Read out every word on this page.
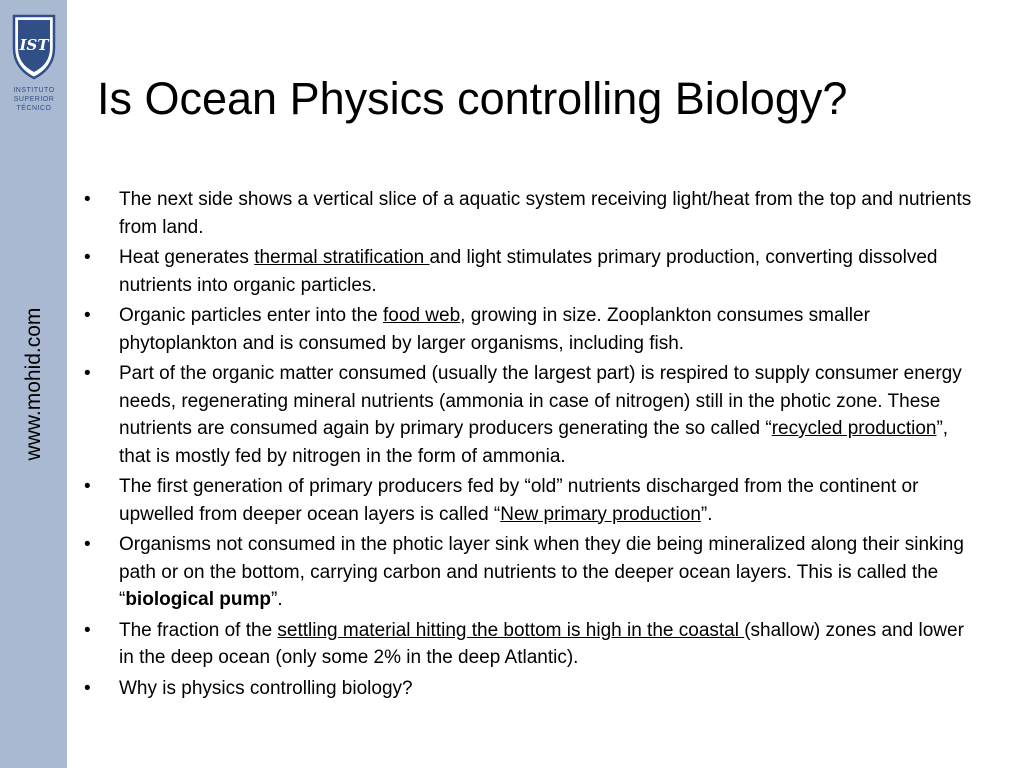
IST
INSTITUTO
SUPERIOR
TÉCNICO
www.mohid.com
Is Ocean Physics controlling Biology?
• The next side shows a vertical slice of a aquatic system receiving light/heat from the top and nutrients from land.
• Heat generates thermal stratification and light stimulates primary production, converting dissolved nutrients into organic particles.
• Organic particles enter into the food web, growing in size. Zooplankton consumes smaller phytoplankton and is consumed by larger organisms, including fish.
• Part of the organic matter consumed (usually the largest part) is respired to supply consumer energy needs, regenerating mineral nutrients (ammonia in case of nitrogen) still in the photic zone. These nutrients are consumed again by primary producers generating the so called “recycled production”, that is mostly fed by nitrogen in the form of ammonia.
• The first generation of primary producers fed by “old” nutrients discharged from the continent or upwelled from deeper ocean layers is called “New primary production”.
• Organisms not consumed in the photic layer sink when they die being mineralized along their sinking path or on the bottom, carrying carbon and nutrients to the deeper ocean layers. This is called the “biological pump”.
• The fraction of the settling material hitting the bottom is high in the coastal (shallow) zones and lower in the deep ocean (only some 2% in the deep Atlantic).
• Why is physics controlling biology?
